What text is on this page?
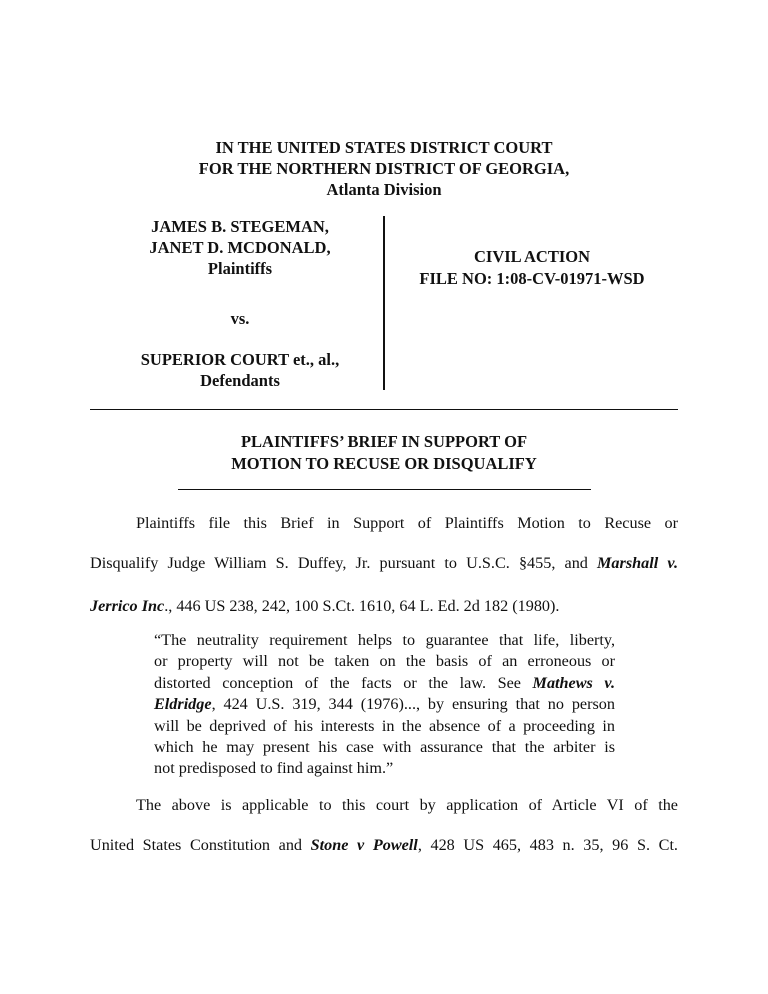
IN THE UNITED STATES DISTRICT COURT
FOR THE NORTHERN DISTRICT OF GEORGIA,
Atlanta Division
JAMES B. STEGEMAN,
JANET D. MCDONALD,
Plaintiffs
vs.
SUPERIOR COURT et., al.,
Defendants
CIVIL ACTION
FILE NO: 1:08-CV-01971-WSD
PLAINTIFFS’ BRIEF IN SUPPORT OF
MOTION TO RECUSE OR DISQUALIFY
Plaintiffs file this Brief in Support of Plaintiffs Motion to Recuse or
Disqualify Judge William S. Duffey, Jr. pursuant to U.S.C. §455, and Marshall v.
Jerrico Inc., 446 US 238, 242, 100 S.Ct. 1610, 64 L. Ed. 2d 182 (1980).
“The neutrality requirement helps to guarantee that life, liberty,
or property will not be taken on the basis of an erroneous or
distorted conception of the facts or the law. See Mathews v.
Eldridge, 424 U.S. 319, 344 (1976)..., by ensuring that no person
will be deprived of his interests in the absence of a proceeding in
which he may present his case with assurance that the arbiter is
not predisposed to find against him.”
The above is applicable to this court by application of Article VI of the
United States Constitution and Stone v Powell, 428 US 465, 483 n. 35, 96 S. Ct.
